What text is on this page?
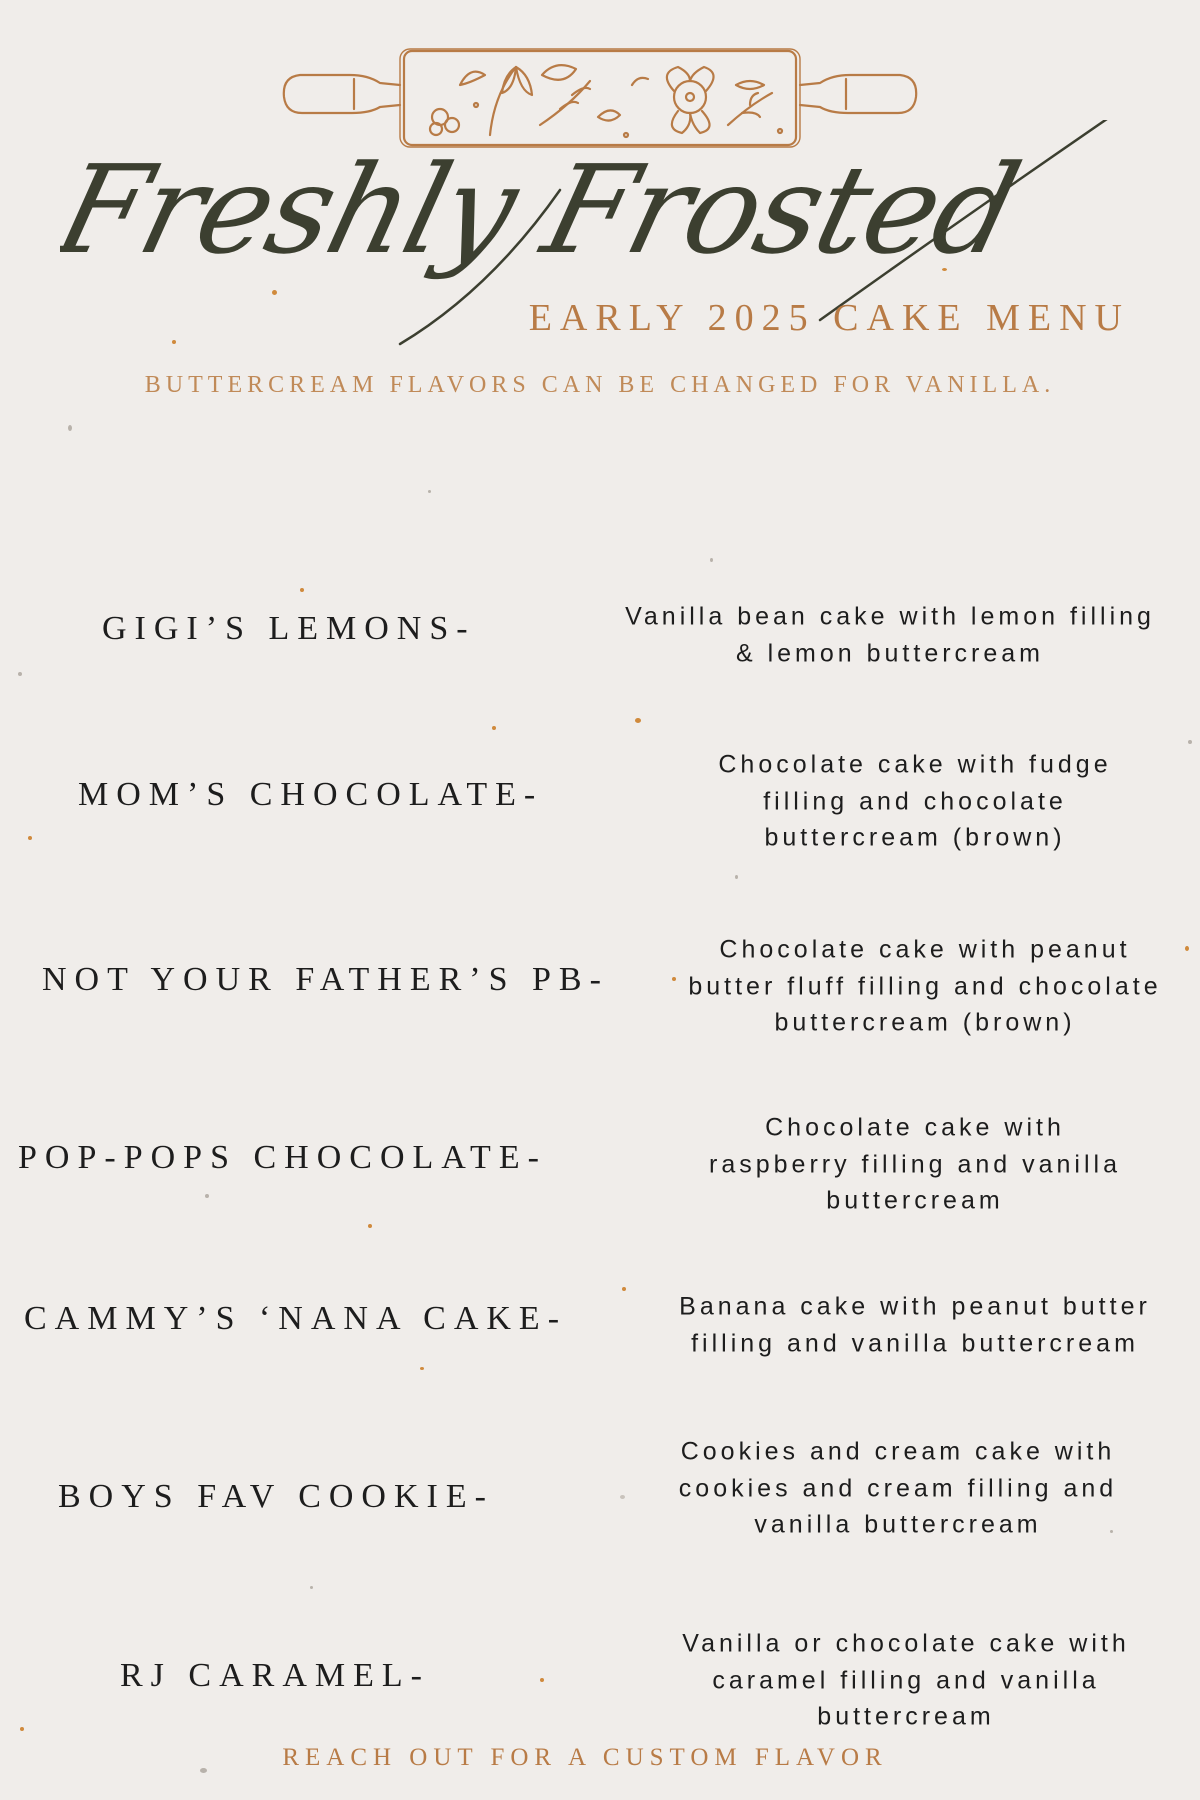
Freshly Frosted
EARLY 2025 CAKE MENU
BUTTERCREAM FLAVORS CAN BE CHANGED FOR VANILLA.
GIGI’S LEMONS-	Vanilla bean cake with lemon filling & lemon buttercream
MOM’S CHOCOLATE-
Chocolate cake with fudge filling and chocolate buttercream (brown)
NOT YOUR FATHER’S PB-
Chocolate cake with peanut butter fluff filling and chocolate buttercream (brown)
POP-POPS CHOCOLATE-
Chocolate cake with raspberry filling and vanilla buttercream
CAMMY’S ‘NANA CAKE-	Banana cake with peanut butter filling and vanilla buttercream
BOYS FAV COOKIE-
Cookies and cream cake with cookies and cream filling and vanilla buttercream
RJ CARAMEL-
Vanilla or chocolate cake with caramel filling and vanilla buttercream
REACH OUT FOR A CUSTOM FLAVOR
